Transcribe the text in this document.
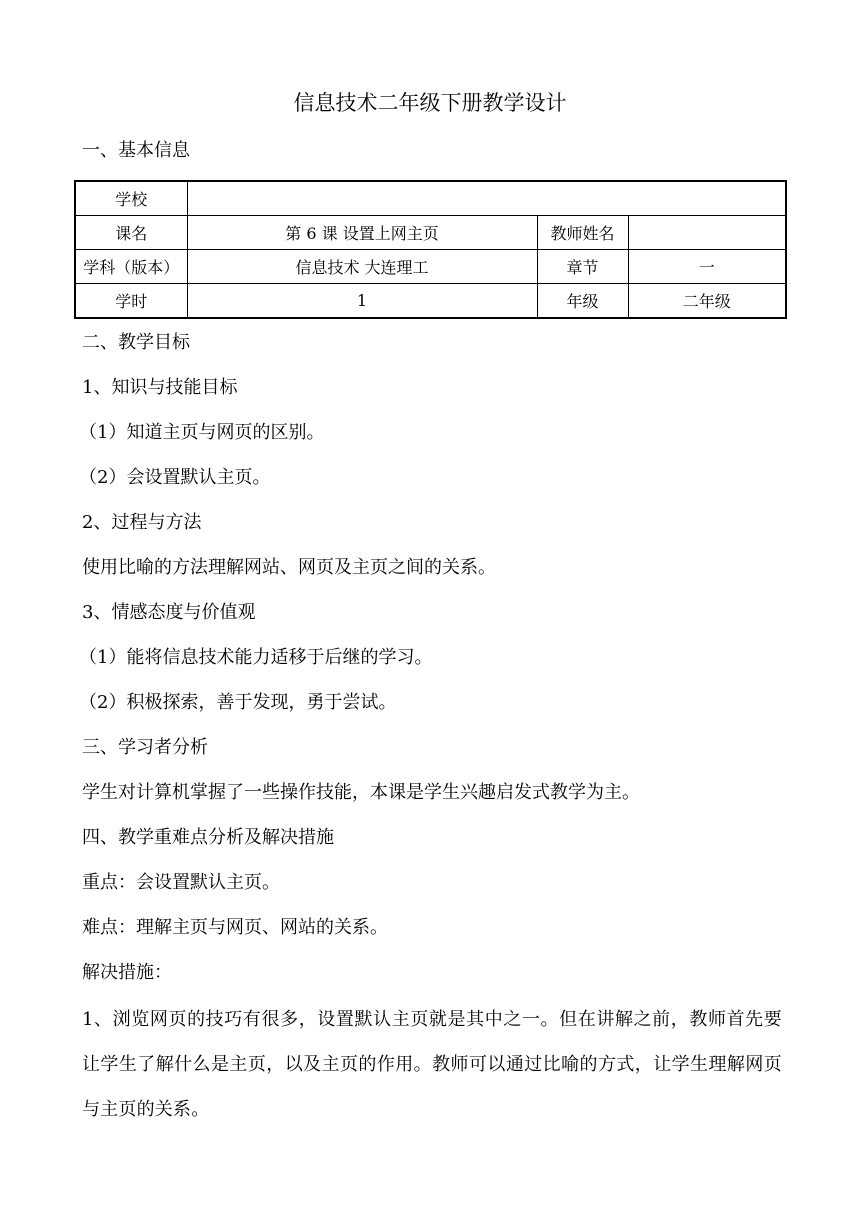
信息技术二年级下册教学设计

一、基本信息

学校			
课名	第 6 课 设置上网主页	教师姓名	
学科（版本）	信息技术 大连理工	章节	一
学时	1	年级	二年级

二、教学目标

1、知识与技能目标

（1）知道主页与网页的区别。

（2）会设置默认主页。

2、过程与方法

使用比喻的方法理解网站、网页及主页之间的关系。

3、情感态度与价值观

（1）能将信息技术能力适移于后继的学习。

（2）积极探索，善于发现，勇于尝试。

三、学习者分析

学生对计算机掌握了一些操作技能，本课是学生兴趣启发式教学为主。

四、教学重难点分析及解决措施

重点：会设置默认主页。

难点：理解主页与网页、网站的关系。

解决措施：

1、浏览网页的技巧有很多，设置默认主页就是其中之一。但在讲解之前，教师首先要让学生了解什么是主页，以及主页的作用。教师可以通过比喻的方式，让学生理解网页与主页的关系。
